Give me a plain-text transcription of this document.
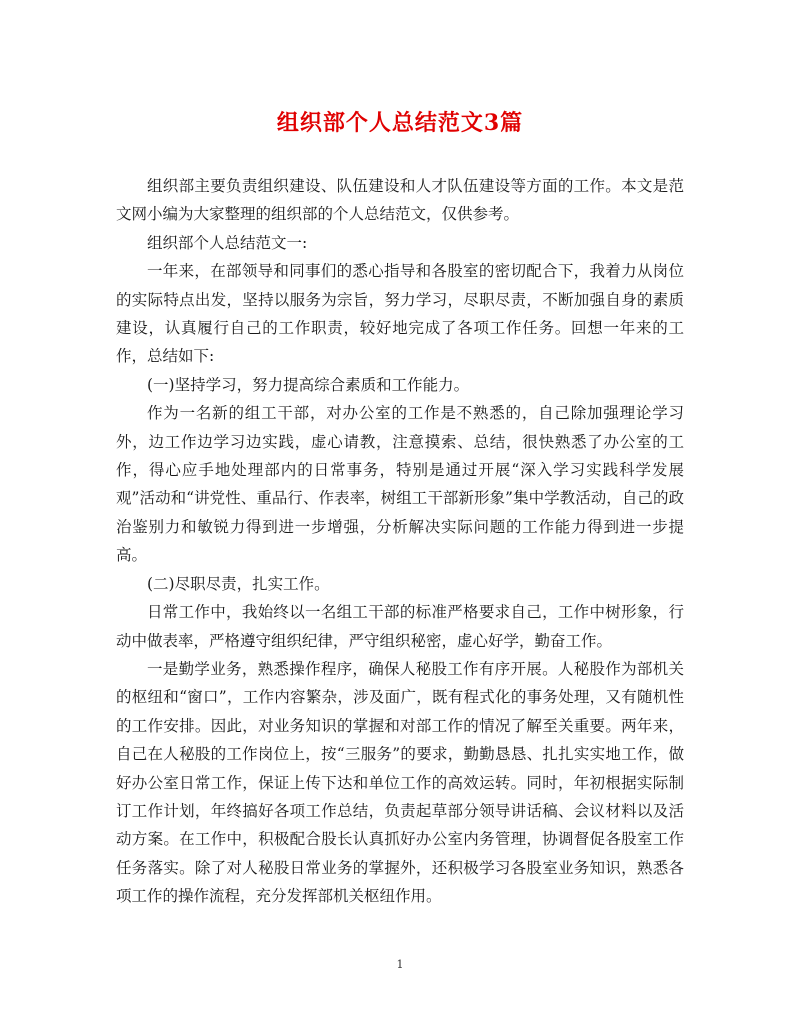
组织部个人总结范文3篇

组织部主要负责组织建设、队伍建设和人才队伍建设等方面的工作。本文是范文网小编为大家整理的组织部的个人总结范文，仅供参考。

组织部个人总结范文一:

一年来，在部领导和同事们的悉心指导和各股室的密切配合下，我着力从岗位的实际特点出发，坚持以服务为宗旨，努力学习，尽职尽责，不断加强自身的素质建设，认真履行自己的工作职责，较好地完成了各项工作任务。回想一年来的工作，总结如下:

(一)坚持学习，努力提高综合素质和工作能力。

作为一名新的组工干部，对办公室的工作是不熟悉的，自己除加强理论学习外，边工作边学习边实践，虚心请教，注意摸索、总结，很快熟悉了办公室的工作，得心应手地处理部内的日常事务，特别是通过开展“深入学习实践科学发展观”活动和“讲党性、重品行、作表率，树组工干部新形象”集中学教活动，自己的政治鉴别力和敏锐力得到进一步增强，分析解决实际问题的工作能力得到进一步提高。

(二)尽职尽责，扎实工作。

日常工作中，我始终以一名组工干部的标准严格要求自己，工作中树形象，行动中做表率，严格遵守组织纪律，严守组织秘密，虚心好学，勤奋工作。

一是勤学业务，熟悉操作程序，确保人秘股工作有序开展。人秘股作为部机关的枢纽和“窗口”，工作内容繁杂，涉及面广，既有程式化的事务处理，又有随机性的工作安排。因此，对业务知识的掌握和对部工作的情况了解至关重要。两年来，自己在人秘股的工作岗位上，按“三服务”的要求，勤勤恳恳、扎扎实实地工作，做好办公室日常工作，保证上传下达和单位工作的高效运转。同时，年初根据实际制订工作计划，年终搞好各项工作总结，负责起草部分领导讲话稿、会议材料以及活动方案。在工作中，积极配合股长认真抓好办公室内务管理，协调督促各股室工作任务落实。除了对人秘股日常业务的掌握外，还积极学习各股室业务知识，熟悉各项工作的操作流程，充分发挥部机关枢纽作用。

1
